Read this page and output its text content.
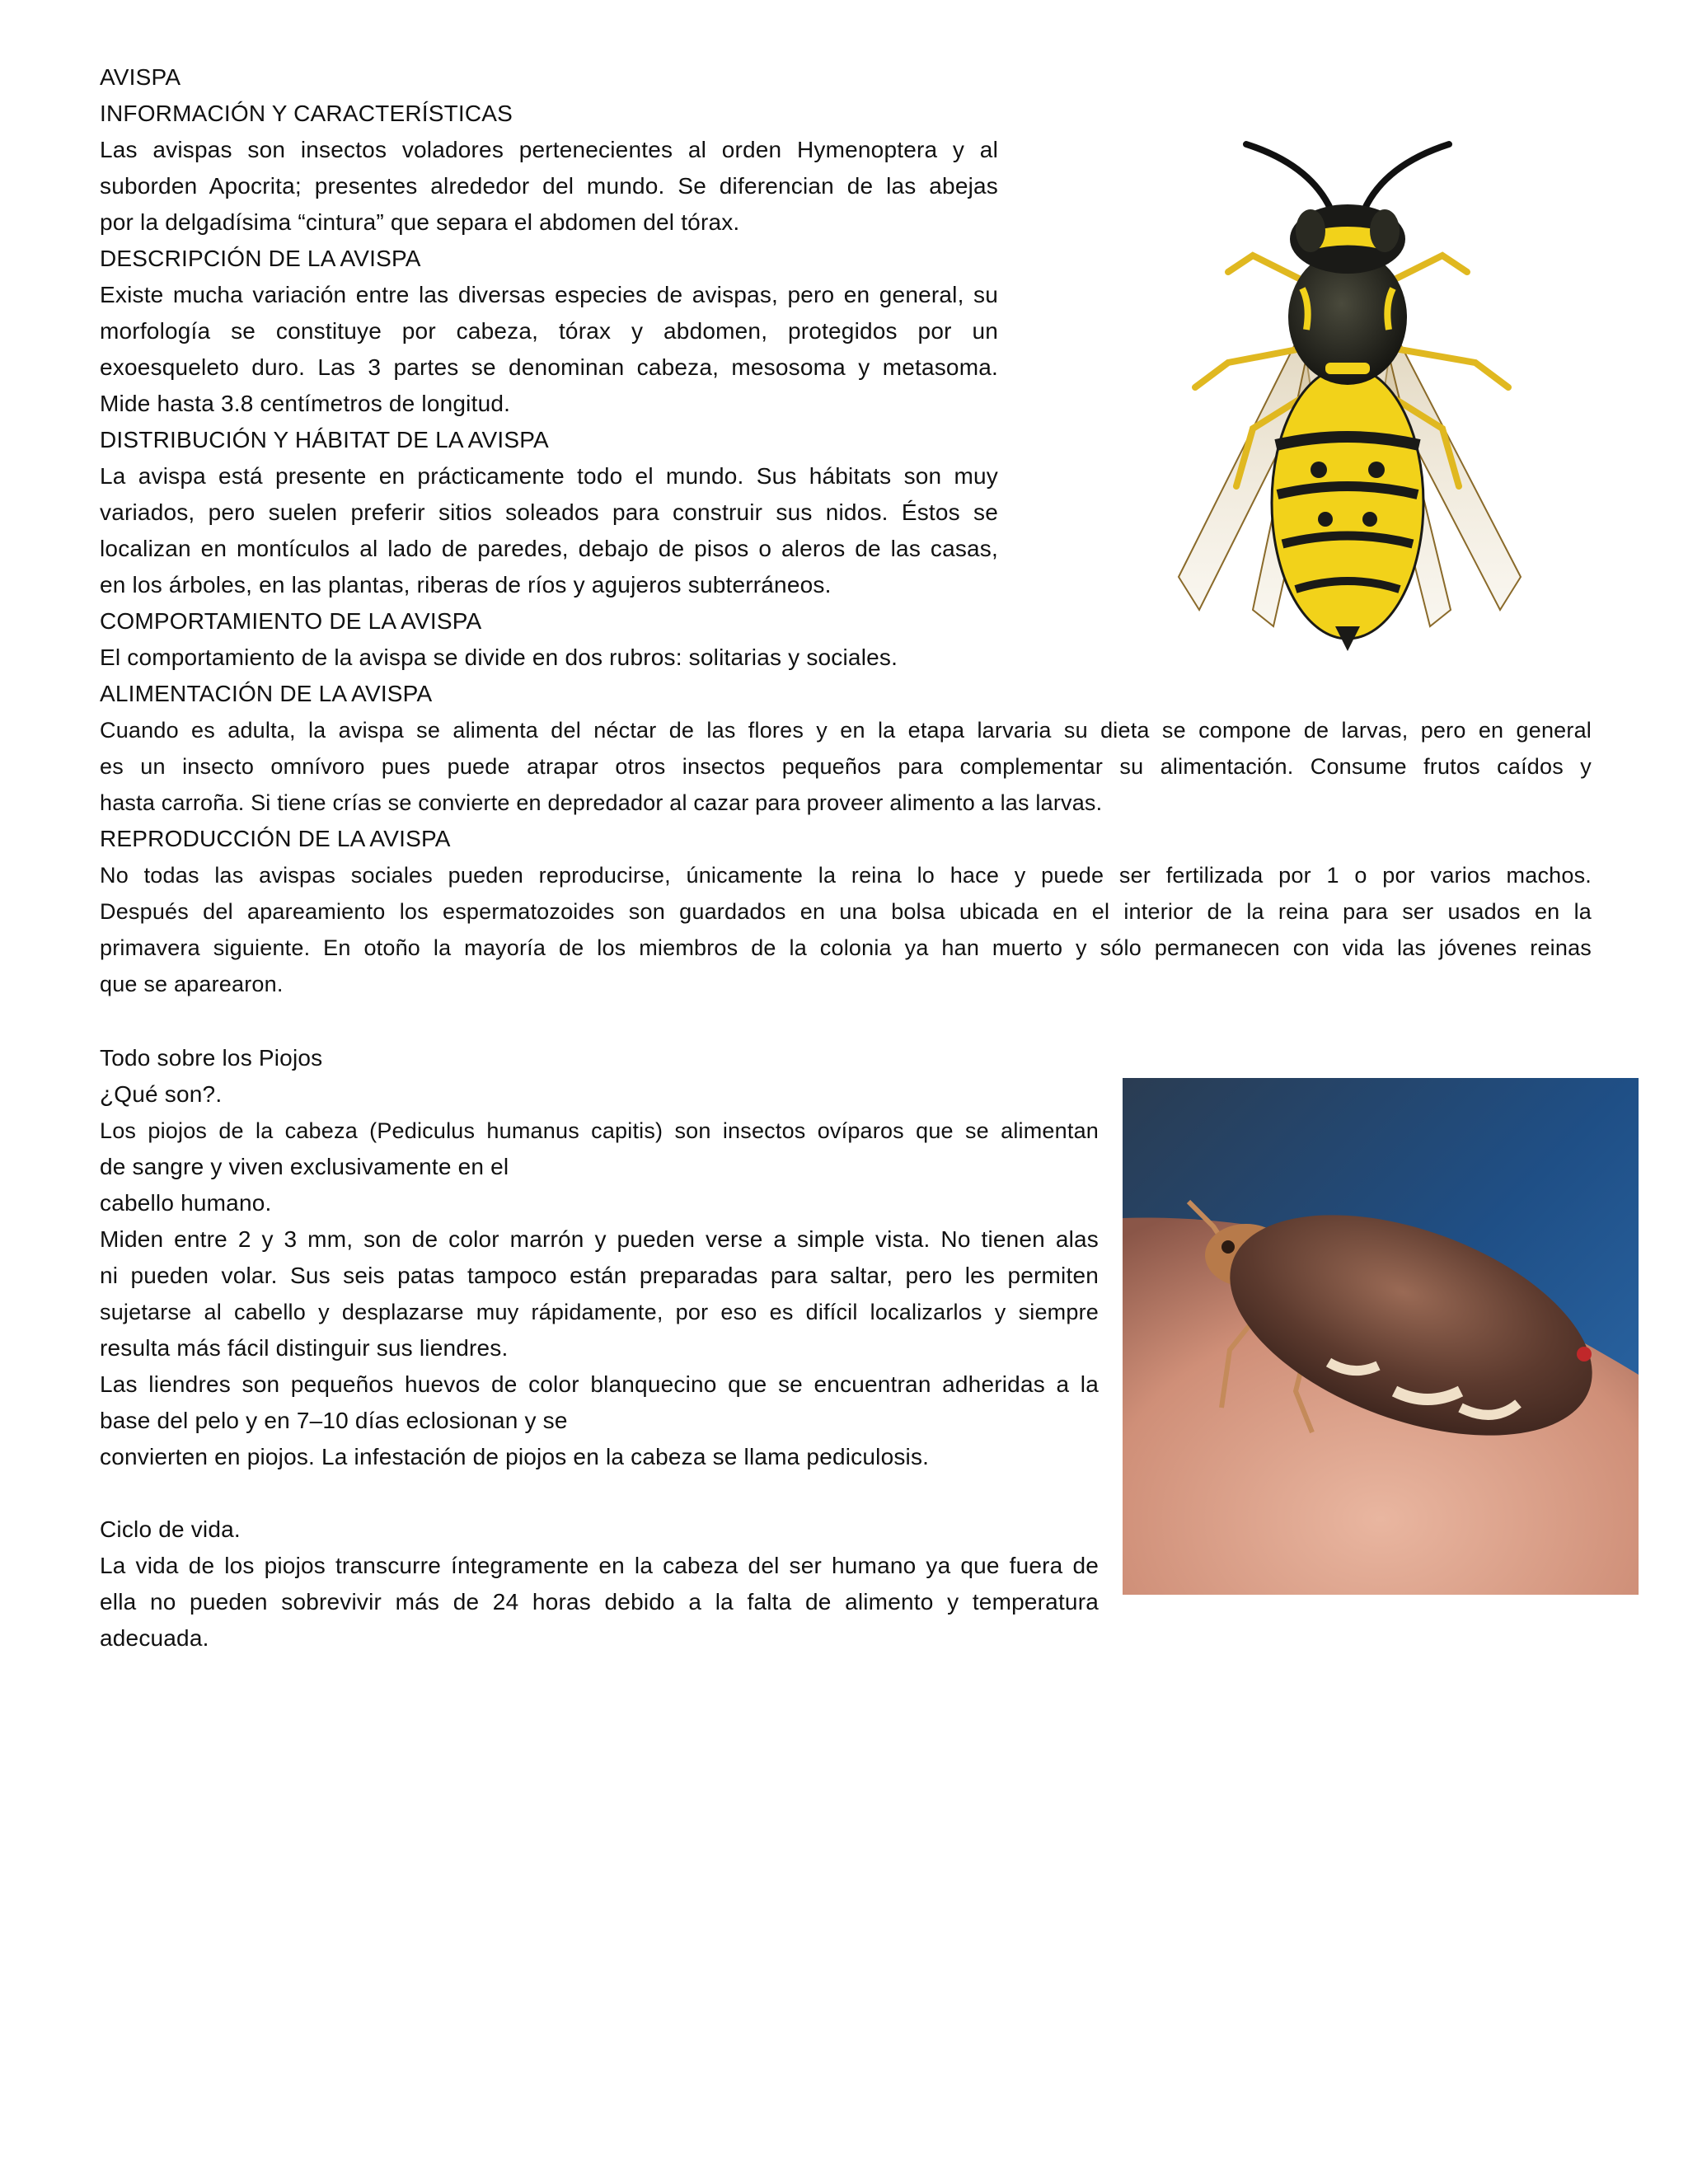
AVISPA
INFORMACIÓN Y CARACTERÍSTICAS
Las avispas son insectos voladores pertenecientes al orden Hymenoptera y al
suborden Apocrita; presentes alrededor del mundo. Se diferencian de las abejas
por la delgadísima “cintura” que separa el abdomen del tórax.
DESCRIPCIÓN DE LA AVISPA
Existe mucha variación entre las diversas especies de avispas, pero en general, su
morfología se constituye por cabeza, tórax y abdomen, protegidos por un
exoesqueleto duro. Las 3 partes se denominan cabeza, mesosoma y metasoma.
Mide hasta 3.8 centímetros de longitud.
DISTRIBUCIÓN Y HÁBITAT DE LA AVISPA
La avispa está presente en prácticamente todo el mundo. Sus hábitats son muy
variados, pero suelen preferir sitios soleados para construir sus nidos. Éstos se
localizan en montículos al lado de paredes, debajo de pisos o aleros de las casas,
en los árboles, en las plantas, riberas de ríos y agujeros subterráneos.
COMPORTAMIENTO DE LA AVISPA
El comportamiento de la avispa se divide en dos rubros: solitarias y sociales.
ALIMENTACIÓN DE LA AVISPA
Cuando es adulta, la avispa se alimenta del néctar de las flores y en la etapa larvaria su dieta se compone de larvas, pero en general
es un insecto omnívoro pues puede atrapar otros insectos pequeños para complementar su alimentación. Consume frutos caídos y
hasta carroña. Si tiene crías se convierte en depredador al cazar para proveer alimento a las larvas.
REPRODUCCIÓN DE LA AVISPA
No todas las avispas sociales pueden reproducirse, únicamente la reina lo hace y puede ser fertilizada por 1 o por varios machos.
Después del apareamiento los espermatozoides son guardados en una bolsa ubicada en el interior de la reina para ser usados en la
primavera siguiente. En otoño la mayoría de los miembros de la colonia ya han muerto y sólo permanecen con vida las jóvenes reinas
que se aparearon.
Todo sobre los Piojos
¿Qué son?.
Los piojos de la cabeza (Pediculus humanus capitis) son insectos ovíparos que se alimentan
de sangre y viven exclusivamente en el
cabello humano.
Miden entre 2 y 3 mm, son de color marrón y pueden verse a simple vista. No tienen alas
ni pueden volar. Sus seis patas tampoco están preparadas para saltar, pero les permiten
sujetarse al cabello y desplazarse muy rápidamente, por eso es difícil localizarlos y siempre
resulta más fácil distinguir sus liendres.
Las liendres son pequeños huevos de color blanquecino que se encuentran adheridas a la
base del pelo y en 7–10 días eclosionan y se
convierten en piojos. La infestación de piojos en la cabeza se llama pediculosis.
Ciclo de vida.
La vida de los piojos transcurre íntegramente en la cabeza del ser humano ya que fuera de
ella no pueden sobrevivir más de 24 horas debido a la falta de alimento y temperatura
adecuada.
